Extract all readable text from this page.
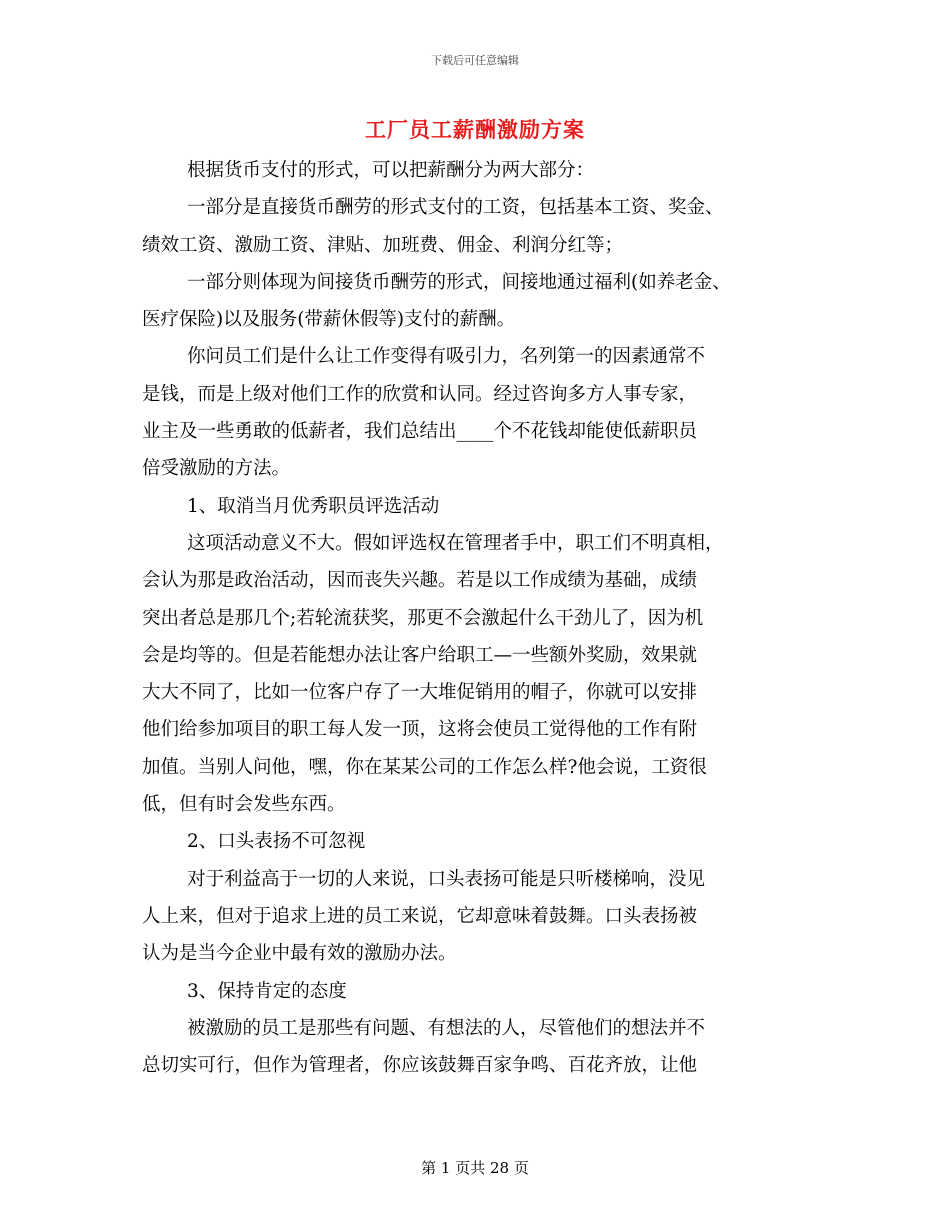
下载后可任意编辑
工厂员工薪酬激励方案
根据货币支付的形式，可以把薪酬分为两大部分：
一部分是直接货币酬劳的形式支付的工资，包括基本工资、奖金、
绩效工资、激励工资、津贴、加班费、佣金、利润分红等；
一部分则体现为间接货币酬劳的形式，间接地通过福利(如养老金、
医疗保险)以及服务(带薪休假等)支付的薪酬。
你问员工们是什么让工作变得有吸引力，名列第一的因素通常不
是钱，而是上级对他们工作的欣赏和认同。经过咨询多方人事专家，
业主及一些勇敢的低薪者，我们总结出____个不花钱却能使低薪职员
倍受激励的方法。
1、取消当月优秀职员评选活动
这项活动意义不大。假如评选权在管理者手中，职工们不明真相，
会认为那是政治活动，因而丧失兴趣。若是以工作成绩为基础，成绩
突出者总是那几个;若轮流获奖，那更不会激起什么干劲儿了，因为机
会是均等的。但是若能想办法让客户给职工—一些额外奖励，效果就
大大不同了，比如一位客户存了一大堆促销用的帽子，你就可以安排
他们给参加项目的职工每人发一顶，这将会使员工觉得他的工作有附
加值。当别人问他，嘿，你在某某公司的工作怎么样?他会说，工资很
低，但有时会发些东西。
2、口头表扬不可忽视
对于利益高于一切的人来说，口头表扬可能是只听楼梯响，没见
人上来，但对于追求上进的员工来说，它却意味着鼓舞。口头表扬被
认为是当今企业中最有效的激励办法。
3、保持肯定的态度
被激励的员工是那些有问题、有想法的人，尽管他们的想法并不
总切实可行，但作为管理者，你应该鼓舞百家争鸣、百花齐放，让他
第 1 页共 28 页
